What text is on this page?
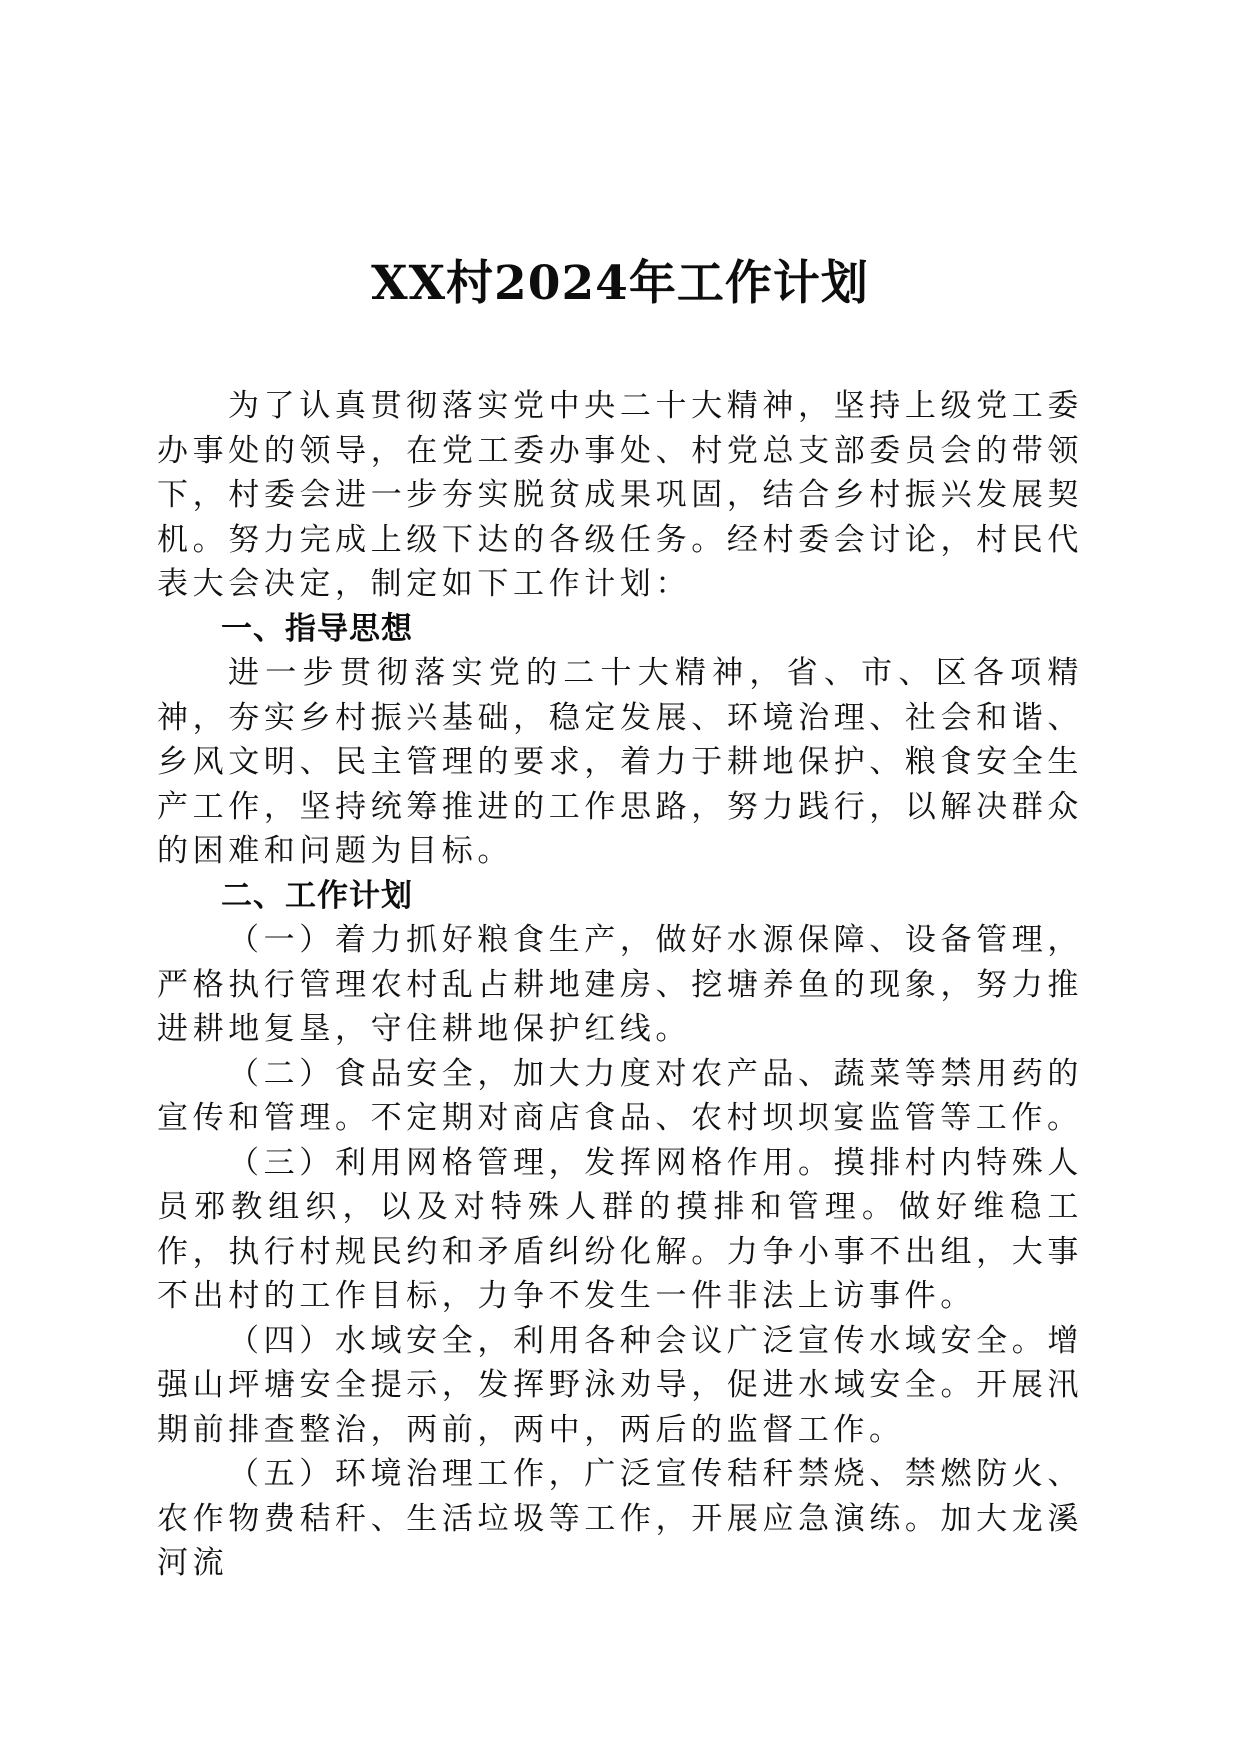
XX村2024年工作计划

为了认真贯彻落实党中央二十大精神，坚持上级党工委办事处的领导，在党工委办事处、村党总支部委员会的带领下，村委会进一步夯实脱贫成果巩固，结合乡村振兴发展契机。努力完成上级下达的各级任务。经村委会讨论，村民代表大会决定，制定如下工作计划：

一、指导思想

进一步贯彻落实党的二十大精神，省、市、区各项精神，夯实乡村振兴基础，稳定发展、环境治理、社会和谐、乡风文明、民主管理的要求，着力于耕地保护、粮食安全生产工作，坚持统筹推进的工作思路，努力践行，以解决群众的困难和问题为目标。

二、工作计划

（一）着力抓好粮食生产，做好水源保障、设备管理，严格执行管理农村乱占耕地建房、挖塘养鱼的现象，努力推进耕地复垦，守住耕地保护红线。

（二）食品安全，加大力度对农产品、蔬菜等禁用药的宣传和管理。不定期对商店食品、农村坝坝宴监管等工作。

（三）利用网格管理，发挥网格作用。摸排村内特殊人员邪教组织，以及对特殊人群的摸排和管理。做好维稳工作，执行村规民约和矛盾纠纷化解。力争小事不出组，大事不出村的工作目标，力争不发生一件非法上访事件。

（四）水域安全，利用各种会议广泛宣传水域安全。增强山坪塘安全提示，发挥野泳劝导，促进水域安全。开展汛期前排查整治，两前，两中，两后的监督工作。

（五）环境治理工作，广泛宣传秸秆禁烧、禁燃防火、农作物费秸秆、生活垃圾等工作，开展应急演练。加大龙溪河流
